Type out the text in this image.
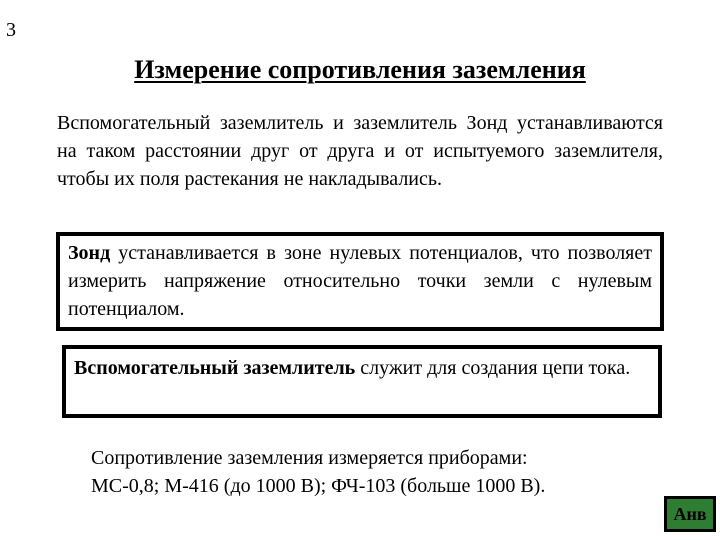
3
Измерение сопротивления заземления
Вспомогательный заземлитель и заземлитель Зонд устанавливаются на таком расстоянии друг от друга и от испытуемого заземлителя, чтобы их поля растекания не накладывались.
Зонд устанавливается в зоне нулевых потенциалов, что позволяет измерить напряжение относительно точки земли с нулевым потенциалом.
Вспомогательный заземлитель служит для создания цепи тока.
Сопротивление заземления измеряется приборами:
МС-0,8; М-416 (до 1000 В); ФЧ-103 (больше 1000 В).
Анв
